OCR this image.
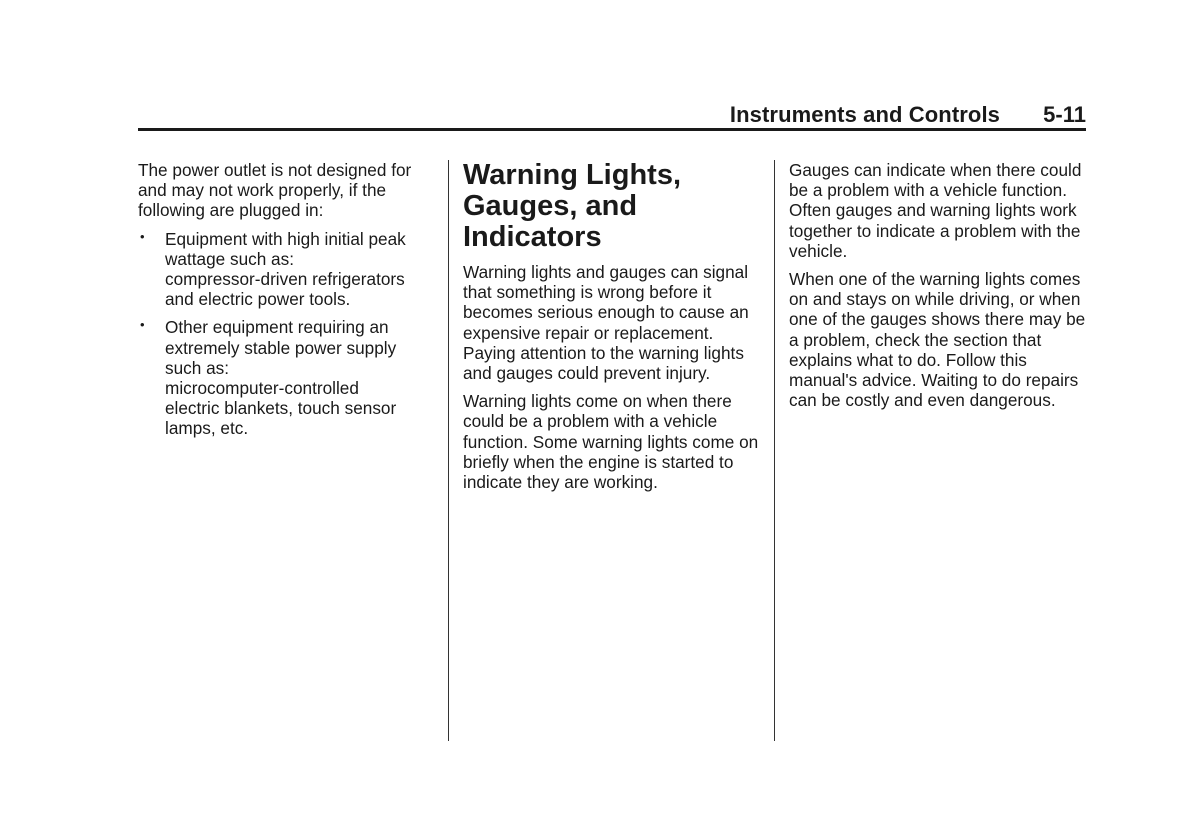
Instruments and Controls 5-11

The power outlet is not designed for and may not work properly, if the following are plugged in:

• Equipment with high initial peak
wattage such as:
compressor-driven refrigerators
and electric power tools.
• Other equipment requiring an
extremely stable power supply
such as:
microcomputer-controlled
electric blankets, touch sensor
lamps, etc.
Warning Lights,
Gauges, and
Indicators

Warning lights and gauges can signal that something is wrong before it becomes serious enough to cause an expensive repair or replacement. Paying attention to the warning lights and gauges could prevent injury.

Warning lights come on when there could be a problem with a vehicle function. Some warning lights come on briefly when the engine is started to indicate they are working.

Gauges can indicate when there could be a problem with a vehicle function. Often gauges and warning lights work together to indicate a problem with the vehicle.

When one of the warning lights comes on and stays on while driving, or when one of the gauges shows there may be a problem, check the section that explains what to do. Follow this manual's advice. Waiting to do repairs can be costly and even dangerous.
